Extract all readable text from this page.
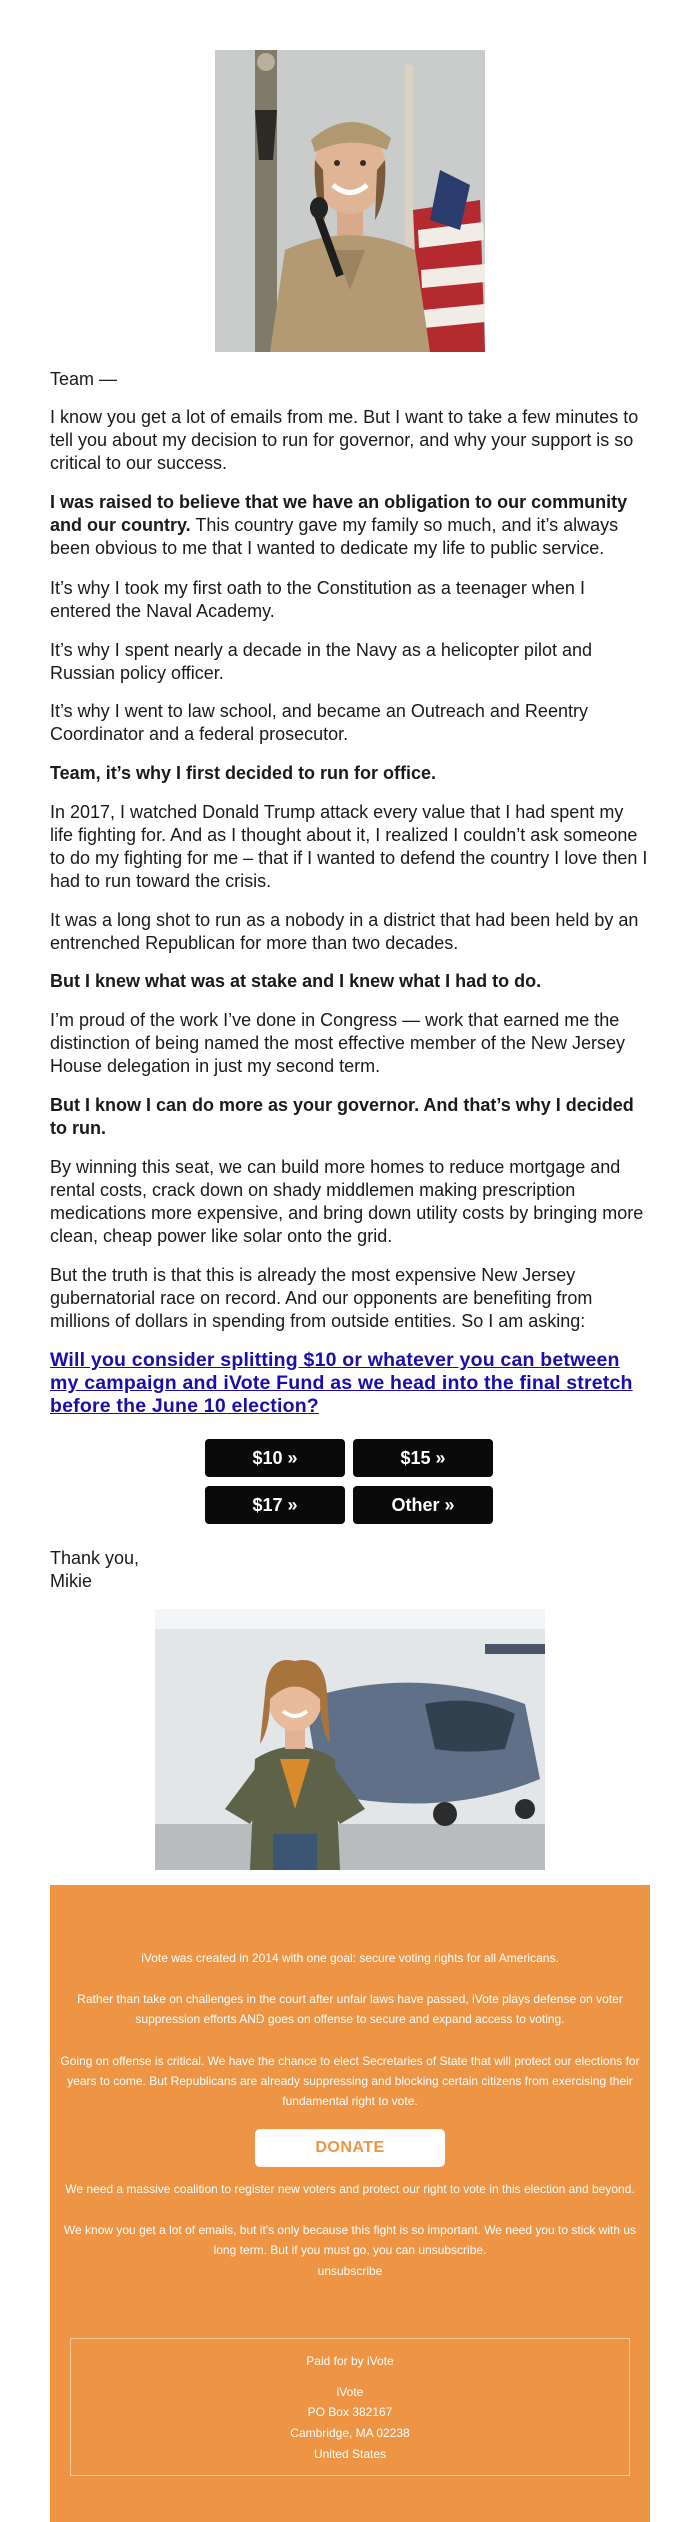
Team —

I know you get a lot of emails from me. But I want to take a few minutes to tell you about my decision to run for governor, and why your support is so critical to our success.

I was raised to believe that we have an obligation to our community and our country. This country gave my family so much, and it’s always been obvious to me that I wanted to dedicate my life to public service.

It’s why I took my first oath to the Constitution as a teenager when I entered the Naval Academy.

It’s why I spent nearly a decade in the Navy as a helicopter pilot and Russian policy officer.

It’s why I went to law school, and became an Outreach and Reentry Coordinator and a federal prosecutor.

Team, it’s why I first decided to run for office.

In 2017, I watched Donald Trump attack every value that I had spent my life fighting for. And as I thought about it, I realized I couldn’t ask someone to do my fighting for me – that if I wanted to defend the country I love then I had to run toward the crisis.

It was a long shot to run as a nobody in a district that had been held by an entrenched Republican for more than two decades.

But I knew what was at stake and I knew what I had to do.

I’m proud of the work I’ve done in Congress — work that earned me the distinction of being named the most effective member of the New Jersey House delegation in just my second term.

But I know I can do more as your governor. And that’s why I decided to run.

By winning this seat, we can build more homes to reduce mortgage and rental costs, crack down on shady middlemen making prescription medications more expensive, and bring down utility costs by bringing more clean, cheap power like solar onto the grid.

But the truth is that this is already the most expensive New Jersey gubernatorial race on record. And our opponents are benefiting from millions of dollars in spending from outside entities. So I am asking:

Will you consider splitting $10 or whatever you can between my campaign and iVote Fund as we head into the final stretch before the June 10 election?
$10 »	$15 »
$17 »	Other »

Thank you,

Mikie

iVote was created in 2014 with one goal: secure voting rights for all Americans.

Rather than take on challenges in the court after unfair laws have passed, iVote plays defense on voter suppression efforts AND goes on offense to secure and expand access to voting.

Going on offense is critical. We have the chance to elect Secretaries of State that will protect our elections for years to come. But Republicans are already suppressing and blocking certain citizens from exercising their fundamental right to vote.

DONATE

We need a massive coalition to register new voters and protect our right to vote in this election and beyond.

We know you get a lot of emails, but it's only because this fight is so important. We need you to stick with us long term. But if you must go, you can unsubscribe.

unsubscribe

Paid for by iVote

iVote

PO Box 382167

Cambridge, MA 02238

United States
